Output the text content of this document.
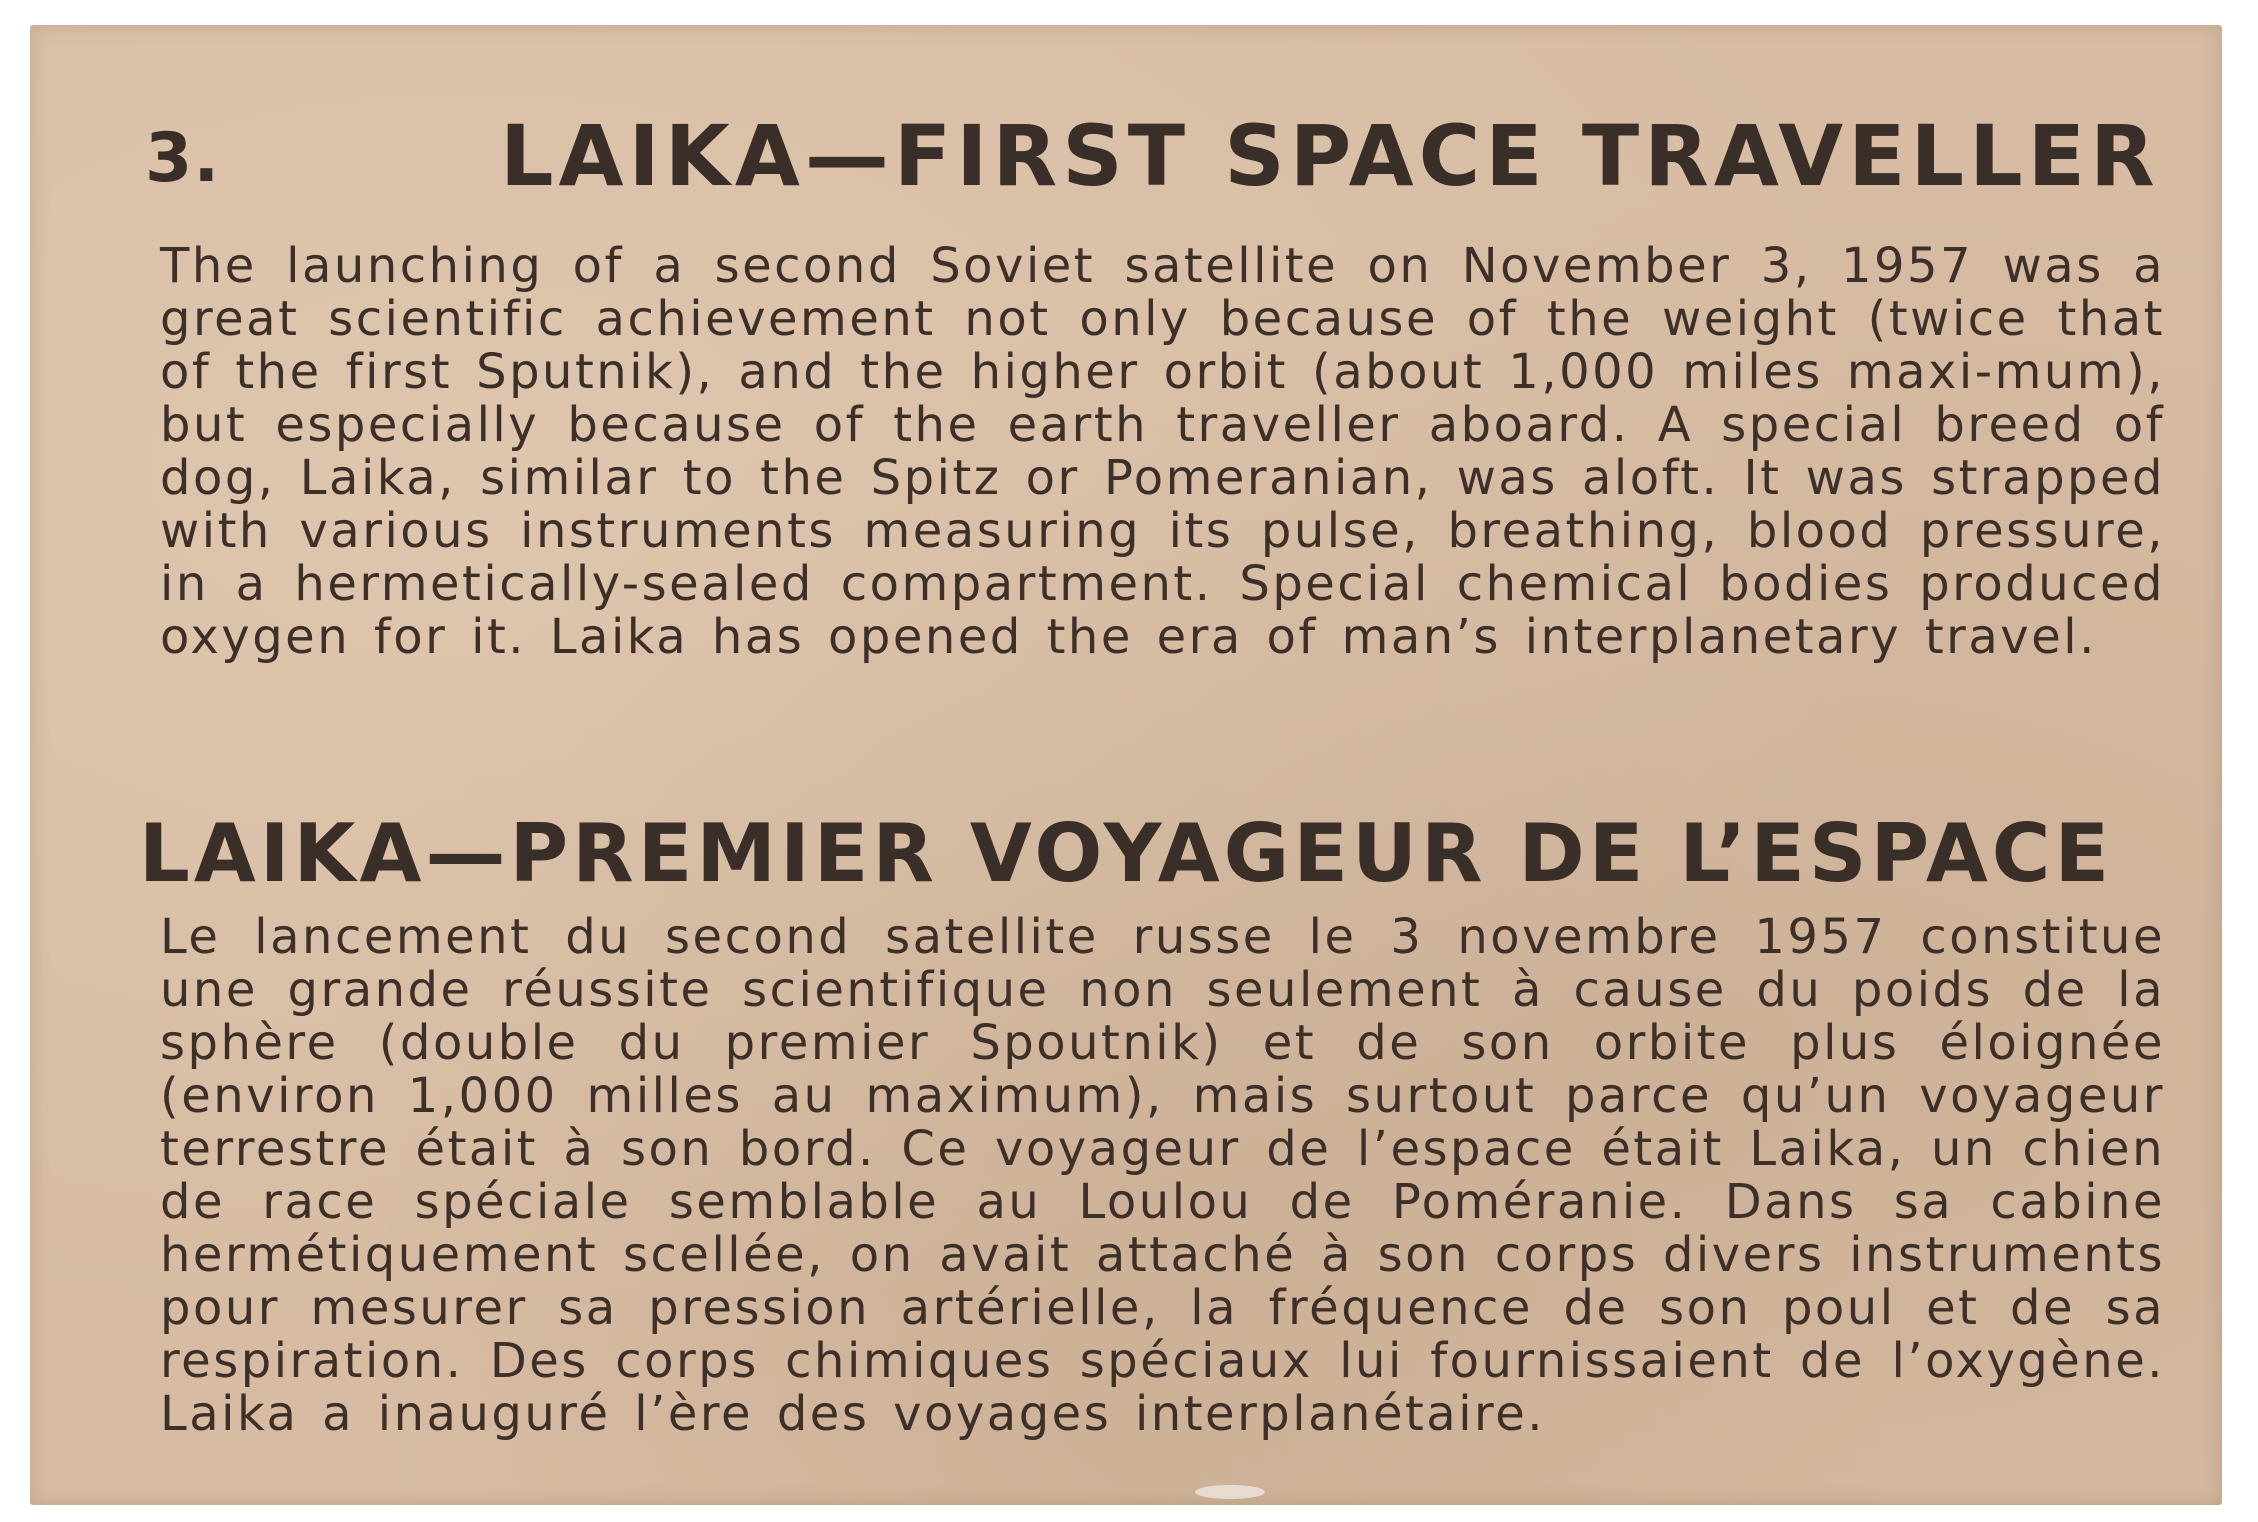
3.	LAIKA—FIRST SPACE TRAVELLER

The launching of a second Soviet satellite on November 3, 1957 was a great scientific achievement not only because of the weight (twice that of the first Sputnik), and the higher orbit (about 1,000 miles maxi-mum), but especially because of the earth traveller aboard. A special breed of dog, Laika, similar to the Spitz or Pomeranian, was aloft. It was strapped with various instruments measuring its pulse, breathing, blood pressure, in a hermetically-sealed compartment. Special chemical bodies produced oxygen for it. Laika has opened the era of man’s interplanetary travel.

LAIKA—PREMIER VOYAGEUR DE L’ESPACE

Le lancement du second satellite russe le 3 novembre 1957 constitue une grande réussite scientifique non seulement à cause du poids de la sphère (double du premier Spoutnik) et de son orbite plus éloignée (environ 1,000 milles au maximum), mais surtout parce qu’un voyageur terrestre était à son bord. Ce voyageur de l’espace était Laika, un chien de race spéciale semblable au Loulou de Poméranie. Dans sa cabine hermétiquement scellée, on avait attaché à son corps divers instruments pour mesurer sa pression artérielle, la fréquence de son poul et de sa respiration. Des corps chimiques spéciaux lui fournissaient de l’oxygène. Laika a inauguré l’ère des voyages interplanétaire.
